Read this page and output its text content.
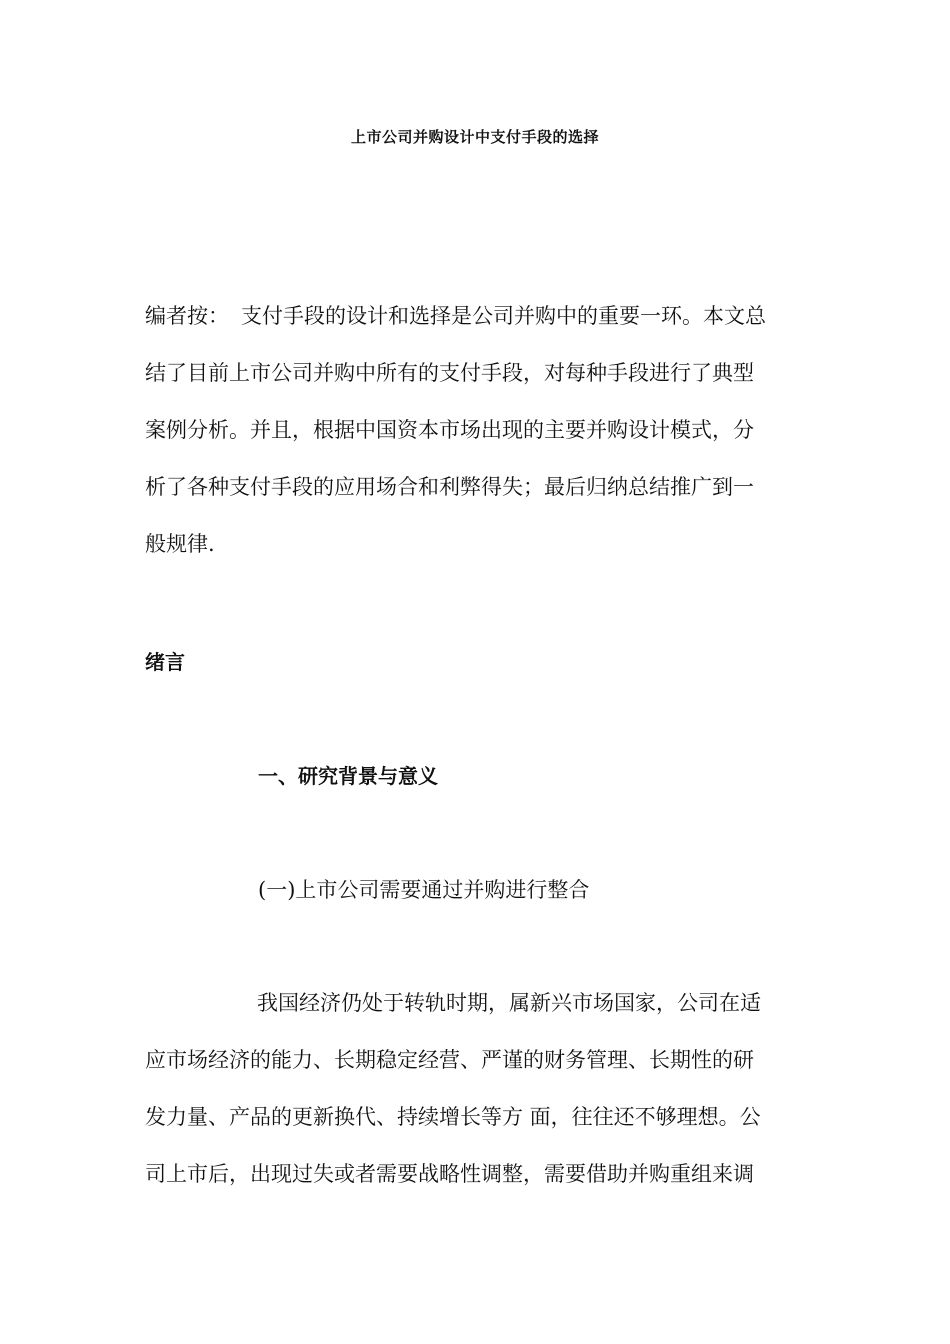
上市公司并购设计中支付手段的选择
编者按： 支付手段的设计和选择是公司并购中的重要一环。本文总
结了目前上市公司并购中所有的支付手段，对每种手段进行了典型
案例分析。并且，根据中国资本市场出现的主要并购设计模式，分
析了各种支付手段的应用场合和利弊得失；最后归纳总结推广到一
般规律.
绪言
一、研究背景与意义
(一)上市公司需要通过并购进行整合
我国经济仍处于转轨时期，属新兴市场国家，公司在适
应市场经济的能力、长期稳定经营、严谨的财务管理、长期性的研
发力量、产品的更新换代、持续增长等方 面，往往还不够理想。公
司上市后，出现过失或者需要战略性调整，需要借助并购重组来调
